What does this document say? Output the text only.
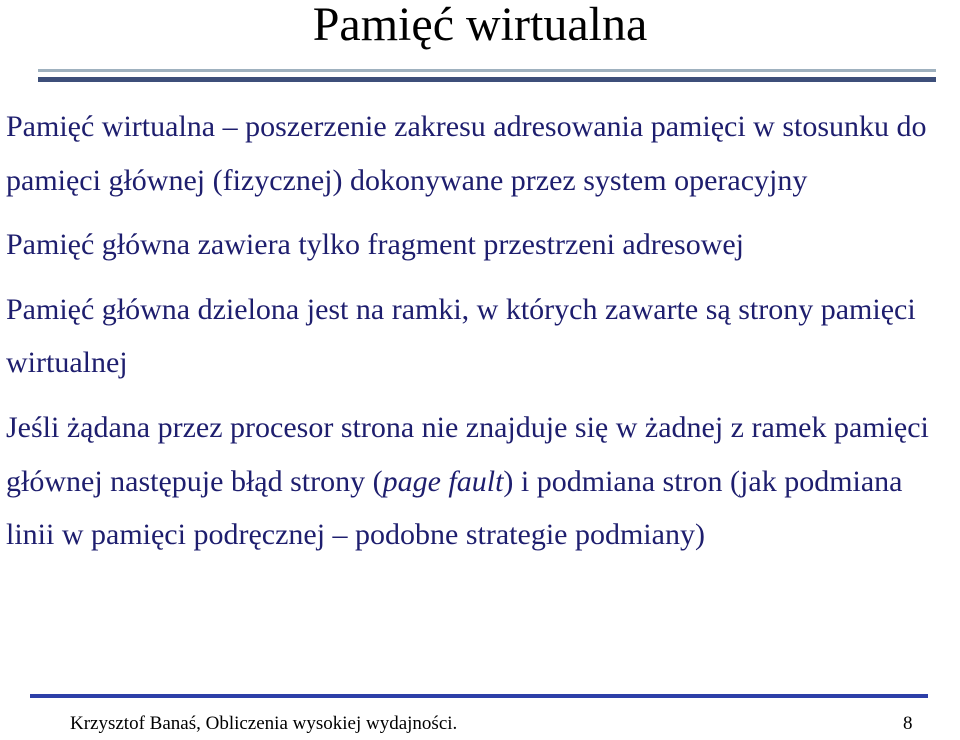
Pamięć wirtualna

Pamięć wirtualna – poszerzenie zakresu adresowania pamięci w stosunku do pamięci głównej (fizycznej) dokonywane przez system operacyjny

Pamięć główna zawiera tylko fragment przestrzeni adresowej

Pamięć główna dzielona jest na ramki, w których zawarte są strony pamięci wirtualnej

Jeśli żądana przez procesor strona nie znajduje się w żadnej z ramek pamięci głównej następuje błąd strony (page fault) i podmiana stron (jak podmiana linii w pamięci podręcznej – podobne strategie podmiany)

Krzysztof Banaś, Obliczenia wysokiej wydajności.	8
